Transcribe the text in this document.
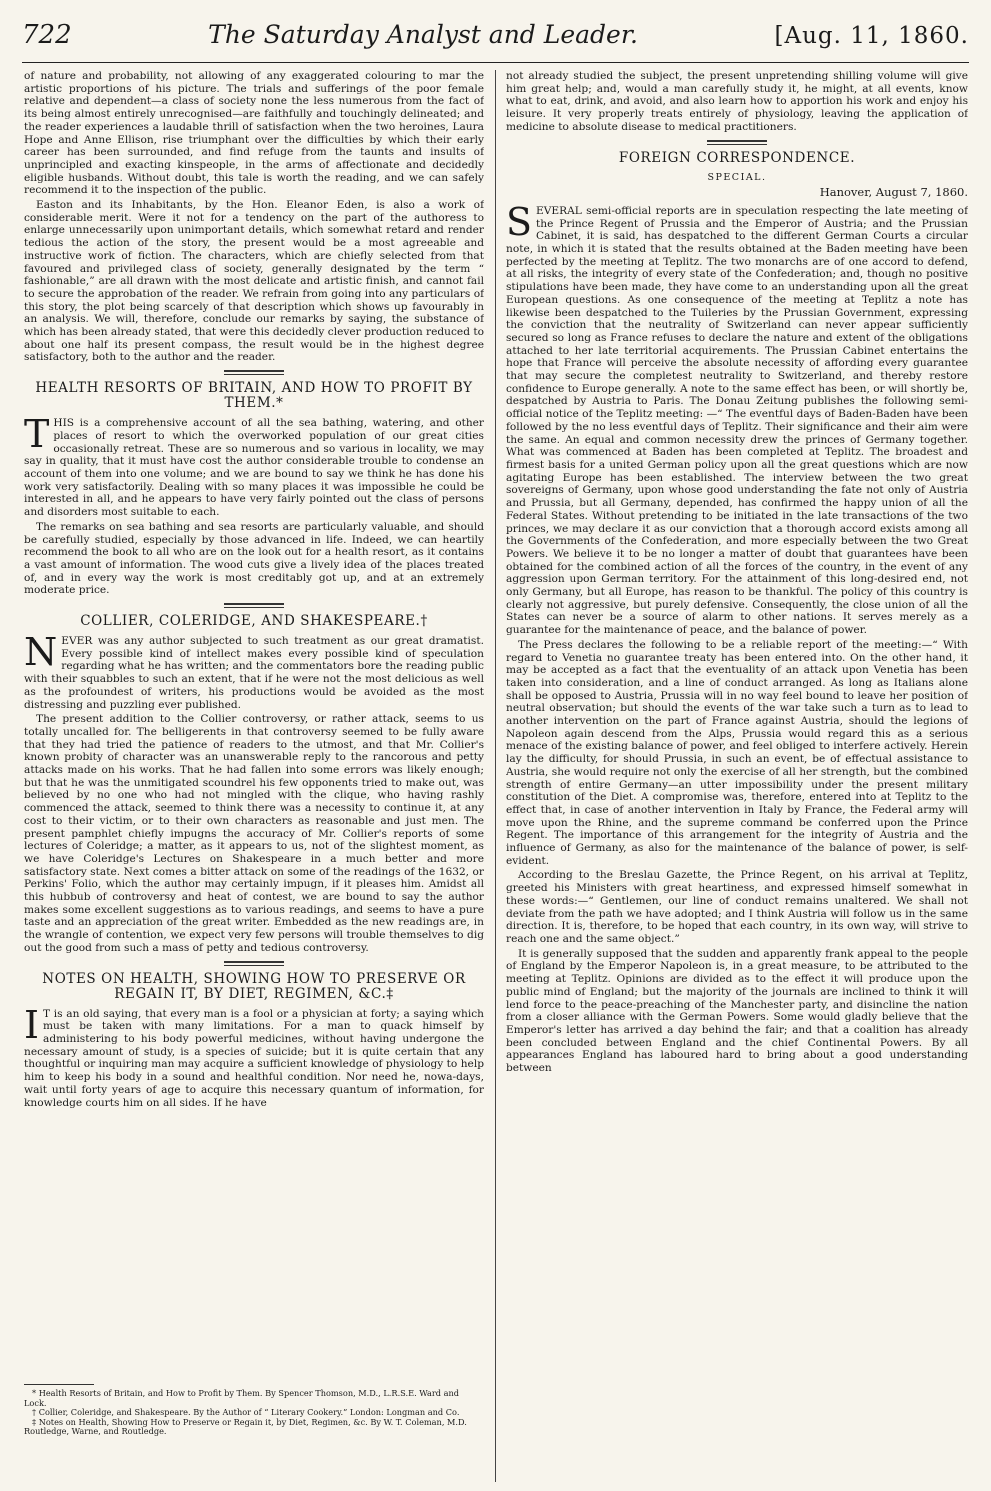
722	The Saturday Analyst and Leader.	[Aug. 11, 1860.

of nature and probability, not allowing of any exaggerated colouring to mar the artistic proportions of his picture. The trials and sufferings of the poor female relative and dependent—a class of society none the less numerous from the fact of its being almost entirely unrecognised—are faithfully and touchingly delineated; and the reader experiences a laudable thrill of satisfaction when the two heroines, Laura Hope and Anne Ellison, rise triumphant over the difficulties by which their early career has been surrounded, and find refuge from the taunts and insults of unprincipled and exacting kinspeople, in the arms of affectionate and decidedly eligible husbands. Without doubt, this tale is worth the reading, and we can safely recommend it to the inspection of the public.

Easton and its Inhabitants, by the Hon. Eleanor Eden, is also a work of considerable merit. Were it not for a tendency on the part of the authoress to enlarge unnecessarily upon unimportant details, which somewhat retard and render tedious the action of the story, the present would be a most agreeable and instructive work of fiction. The characters, which are chiefly selected from that favoured and privileged class of society, generally designated by the term “ fashionable,” are all drawn with the most delicate and artistic finish, and cannot fail to secure the approbation of the reader. We refrain from going into any particulars of this story, the plot being scarcely of that description which shows up favourably in an analysis. We will, therefore, conclude our remarks by saying, the substance of which has been already stated, that were this decidedly clever production reduced to about one half its present compass, the result would be in the highest degree satisfactory, both to the author and the reader.

HEALTH RESORTS OF BRITAIN, AND HOW TO PROFIT BY THEM.*

THIS is a comprehensive account of all the sea bathing, watering, and other places of resort to which the overworked population of our great cities occasionally retreat. These are so numerous and so various in locality, we may say in quality, that it must have cost the author considerable trouble to condense an account of them into one volume; and we are bound to say we think he has done his work very satisfactorily. Dealing with so many places it was impossible he could be interested in all, and he appears to have very fairly pointed out the class of persons and disorders most suitable to each.

The remarks on sea bathing and sea resorts are particularly valuable, and should be carefully studied, especially by those advanced in life. Indeed, we can heartily recommend the book to all who are on the look out for a health resort, as it contains a vast amount of information. The wood cuts give a lively idea of the places treated of, and in every way the work is most creditably got up, and at an extremely moderate price.

COLLIER, COLERIDGE, AND SHAKESPEARE.†

NEVER was any author subjected to such treatment as our great dramatist. Every possible kind of intellect makes every possible kind of speculation regarding what he has written; and the commentators bore the reading public with their squabbles to such an extent, that if he were not the most delicious as well as the profoundest of writers, his productions would be avoided as the most distressing and puzzling ever published.

The present addition to the Collier controversy, or rather attack, seems to us totally uncalled for. The belligerents in that controversy seemed to be fully aware that they had tried the patience of readers to the utmost, and that Mr. Collier's known probity of character was an unanswerable reply to the rancorous and petty attacks made on his works. That he had fallen into some errors was likely enough; but that he was the unmitigated scoundrel his few opponents tried to make out, was believed by no one who had not mingled with the clique, who having rashly commenced the attack, seemed to think there was a necessity to continue it, at any cost to their victim, or to their own characters as reasonable and just men. The present pamphlet chiefly impugns the accuracy of Mr. Collier's reports of some lectures of Coleridge; a matter, as it appears to us, not of the slightest moment, as we have Coleridge's Lectures on Shakespeare in a much better and more satisfactory state. Next comes a bitter attack on some of the readings of the 1632, or Perkins' Folio, which the author may certainly impugn, if it pleases him. Amidst all this hubbub of controversy and heat of contest, we are bound to say the author makes some excellent suggestions as to various readings, and seems to have a pure taste and an appreciation of the great writer. Embedded as the new readings are, in the wrangle of contention, we expect very few persons will trouble themselves to dig out the good from such a mass of petty and tedious controversy.

NOTES ON HEALTH, SHOWING HOW TO PRESERVE OR REGAIN IT, BY DIET, REGIMEN, &C.‡

I T is an old saying, that every man is a fool or a physician at forty; a saying which must be taken with many limitations. For a man to quack himself by administering to his body powerful medicines, without having undergone the necessary amount of study, is a species of suicide; but it is quite certain that any thoughtful or inquiring man may acquire a sufficient knowledge of physiology to help him to keep his body in a sound and healthful condition. Nor need he, nowa-days, wait until forty years of age to acquire this necessary quantum of information, for knowledge courts him on all sides. If he have

* Health Resorts of Britain, and How to Profit by Them. By Spencer Thomson, M.D., L.R.S.E. Ward and Lock.
† Collier, Coleridge, and Shakespeare. By the Author of “ Literary Cookery.” London: Longman and Co.
‡ Notes on Health, Showing How to Preserve or Regain it, by Diet, Regimen, &c. By W. T. Coleman, M.D. Routledge, Warne, and Routledge.

not already studied the subject, the present unpretending shilling volume will give him great help; and, would a man carefully study it, he might, at all events, know what to eat, drink, and avoid, and also learn how to apportion his work and enjoy his leisure. It very properly treats entirely of physiology, leaving the application of medicine to absolute disease to medical practitioners.

FOREIGN CORRESPONDENCE.
SPECIAL.
Hanover, August 7, 1860.

SEVERAL semi-official reports are in speculation respecting the late meeting of the Prince Regent of Prussia and the Emperor of Austria; and the Prussian Cabinet, it is said, has despatched to the different German Courts a circular note, in which it is stated that the results obtained at the Baden meeting have been perfected by the meeting at Teplitz. The two monarchs are of one accord to defend, at all risks, the integrity of every state of the Confederation; and, though no positive stipulations have been made, they have come to an understanding upon all the great European questions. As one consequence of the meeting at Teplitz a note has likewise been despatched to the Tuileries by the Prussian Government, expressing the conviction that the neutrality of Switzerland can never appear sufficiently secured so long as France refuses to declare the nature and extent of the obligations attached to her late territorial acquirements. The Prussian Cabinet entertains the hope that France will perceive the absolute necessity of affording every guarantee that may secure the completest neutrality to Switzerland, and thereby restore confidence to Europe generally. A note to the same effect has been, or will shortly be, despatched by Austria to Paris. The Donau Zeitung publishes the following semi-official notice of the Teplitz meeting: —“ The eventful days of Baden-Baden have been followed by the no less eventful days of Teplitz. Their significance and their aim were the same. An equal and common necessity drew the princes of Germany together. What was commenced at Baden has been completed at Teplitz. The broadest and firmest basis for a united German policy upon all the great questions which are now agitating Europe has been established. The interview between the two great sovereigns of Germany, upon whose good understanding the fate not only of Austria and Prussia, but all Germany, depended, has confirmed the happy union of all the Federal States. Without pretending to be initiated in the late transactions of the two princes, we may declare it as our conviction that a thorough accord exists among all the Governments of the Confederation, and more especially between the two Great Powers. We believe it to be no longer a matter of doubt that guarantees have been obtained for the combined action of all the forces of the country, in the event of any aggression upon German territory. For the attainment of this long-desired end, not only Germany, but all Europe, has reason to be thankful. The policy of this country is clearly not aggressive, but purely defensive. Consequently, the close union of all the States can never be a source of alarm to other nations. It serves merely as a guarantee for the maintenance of peace, and the balance of power.

The Press declares the following to be a reliable report of the meeting:—“ With regard to Venetia no guarantee treaty has been entered into. On the other hand, it may be accepted as a fact that the eventuality of an attack upon Venetia has been taken into consideration, and a line of conduct arranged. As long as Italians alone shall be opposed to Austria, Prussia will in no way feel bound to leave her position of neutral observation; but should the events of the war take such a turn as to lead to another intervention on the part of France against Austria, should the legions of Napoleon again descend from the Alps, Prussia would regard this as a serious menace of the existing balance of power, and feel obliged to interfere actively. Herein lay the difficulty, for should Prussia, in such an event, be of effectual assistance to Austria, she would require not only the exercise of all her strength, but the combined strength of entire Germany—an utter impossibility under the present military constitution of the Diet. A compromise was, therefore, entered into at Teplitz to the effect that, in case of another intervention in Italy by France, the Federal army will move upon the Rhine, and the supreme command be conferred upon the Prince Regent. The importance of this arrangement for the integrity of Austria and the influence of Germany, as also for the maintenance of the balance of power, is self-evident.

According to the Breslau Gazette, the Prince Regent, on his arrival at Teplitz, greeted his Ministers with great heartiness, and expressed himself somewhat in these words:—“ Gentlemen, our line of conduct remains unaltered. We shall not deviate from the path we have adopted; and I think Austria will follow us in the same direction. It is, therefore, to be hoped that each country, in its own way, will strive to reach one and the same object.”

It is generally supposed that the sudden and apparently frank appeal to the people of England by the Emperor Napoleon is, in a great measure, to be attributed to the meeting at Teplitz. Opinions are divided as to the effect it will produce upon the public mind of England; but the majority of the journals are inclined to think it will lend force to the peace-preaching of the Manchester party, and disincline the nation from a closer alliance with the German Powers. Some would gladly believe that the Emperor's letter has arrived a day behind the fair; and that a coalition has already been concluded between England and the chief Continental Powers. By all appearances England has laboured hard to bring about a good understanding between
